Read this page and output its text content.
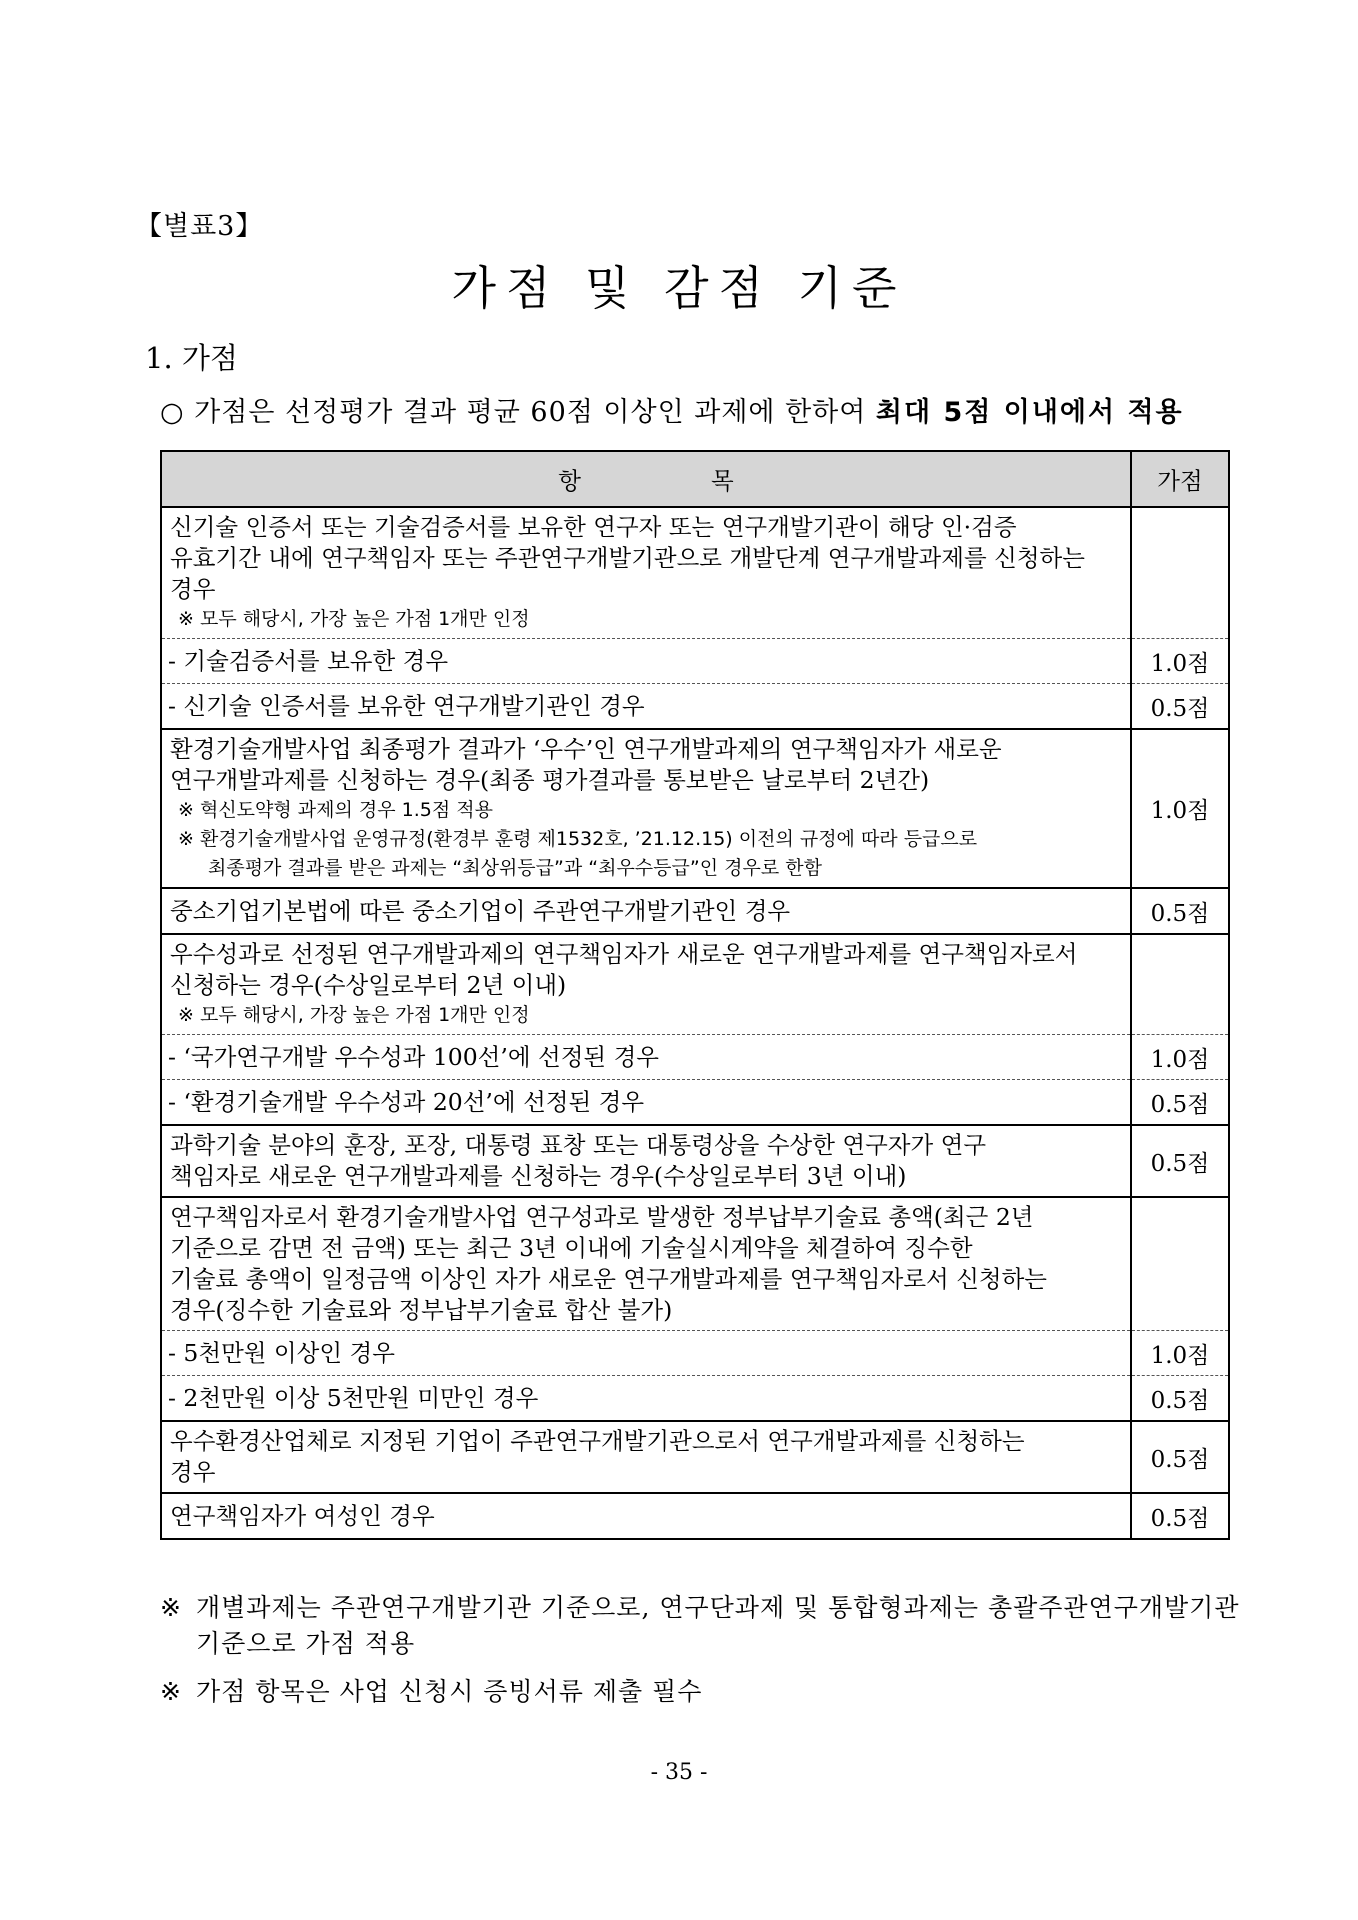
【별표3】
가점 및 감점 기준
1. 가점
○ 가점은 선정평가 결과 평균 60점 이상인 과제에 한하여 최대 5점 이내에서 적용
항 목	가점

신기술 인증서 또는 기술검증서를 보유한 연구자 또는 연구개발기관이 해당 인·검증
유효기간 내에 연구책임자 또는 주관연구개발기관으로 개발단계 연구개발과제를 신청하는
경우
※ 모두 해당시, 가장 높은 가점 1개만 인정	

- 기술검증서를 보유한 경우	1.0점
- 신기술 인증서를 보유한 연구개발기관인 경우	0.5점

환경기술개발사업 최종평가 결과가 ‘우수’인 연구개발과제의 연구책임자가 새로운
연구개발과제를 신청하는 경우(최종 평가결과를 통보받은 날로부터 2년간)
※ 혁신도약형 과제의 경우 1.5점 적용
※ 환경기술개발사업 운영규정(환경부 훈령 제1532호, ’21.12.15) 이전의 규정에 따라 등급으로
최종평가 결과를 받은 과제는 “최상위등급”과 “최우수등급”인 경우로 한함	1.0점

중소기업기본법에 따른 중소기업이 주관연구개발기관인 경우	0.5점

우수성과로 선정된 연구개발과제의 연구책임자가 새로운 연구개발과제를 연구책임자로서
신청하는 경우(수상일로부터 2년 이내)
※ 모두 해당시, 가장 높은 가점 1개만 인정	

- ‘국가연구개발 우수성과 100선’에 선정된 경우	1.0점
- ‘환경기술개발 우수성과 20선’에 선정된 경우	0.5점

과학기술 분야의 훈장, 포장, 대통령 표창 또는 대통령상을 수상한 연구자가 연구
책임자로 새로운 연구개발과제를 신청하는 경우(수상일로부터 3년 이내)	0.5점

연구책임자로서 환경기술개발사업 연구성과로 발생한 정부납부기술료 총액(최근 2년
기준으로 감면 전 금액) 또는 최근 3년 이내에 기술실시계약을 체결하여 징수한
기술료 총액이 일정금액 이상인 자가 새로운 연구개발과제를 연구책임자로서 신청하는
경우(징수한 기술료와 정부납부기술료 합산 불가)	

- 5천만원 이상인 경우	1.0점
- 2천만원 이상 5천만원 미만인 경우	0.5점

우수환경산업체로 지정된 기업이 주관연구개발기관으로서 연구개발과제를 신청하는
경우	0.5점

연구책임자가 여성인 경우	0.5점
※ 개별과제는 주관연구개발기관 기준으로, 연구단과제 및 통합형과제는 총괄주관연구개발기관
기준으로 가점 적용
※ 가점 항목은 사업 신청시 증빙서류 제출 필수
- 35 -
